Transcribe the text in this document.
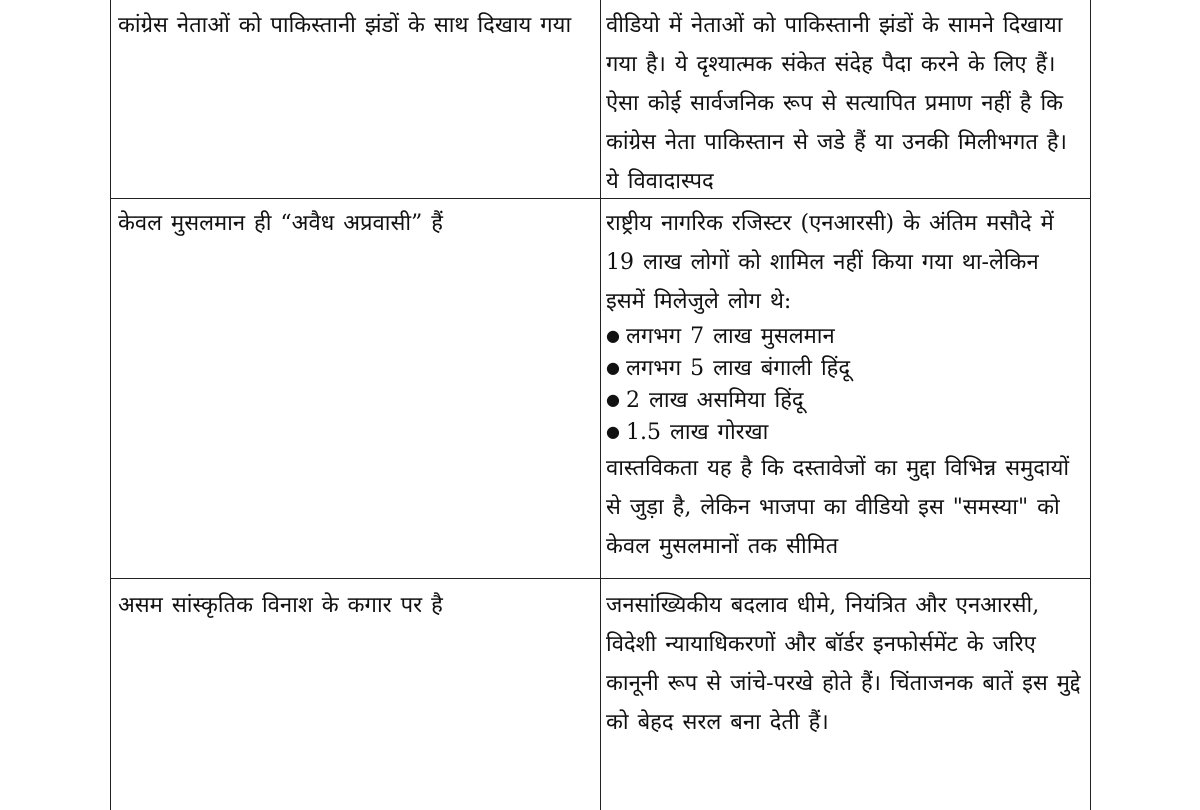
कांग्रेस नेताओं को पाकिस्तानी झंडों के साथ दिखाय गया	वीडियो में नेताओं को पाकिस्तानी झंडों के सामने दिखाया गया है। ये दृश्यात्मक संकेत संदेह पैदा करने के लिए हैं। ऐसा कोई सार्वजनिक रूप से सत्यापित प्रमाण नहीं है कि कांग्रेस नेता पाकिस्तान से जडे हैं या उनकी मिलीभगत है। ये विवादास्पद

केवल मुसलमान ही “अवैध अप्रवासी” हैं	राष्ट्रीय नागरिक रजिस्टर (एनआरसी) के अंतिम मसौदे में 19 लाख लोगों को शामिल नहीं किया गया था-लेकिन इसमें मिलेजुले लोग थे:

● लगभग 7 लाख मुसलमान
● लगभग 5 लाख बंगाली हिंदू
● 2 लाख असमिया हिंदू
● 1.5 लाख गोरखा

वास्तविकता यह है कि दस्तावेजों का मुद्दा विभिन्न समुदायों से जुड़ा है, लेकिन भाजपा का वीडियो इस "समस्या" को केवल मुसलमानों तक सीमित

असम सांस्कृतिक विनाश के कगार पर है	जनसांख्यिकीय बदलाव धीमे, नियंत्रित और एनआरसी, विदेशी न्यायाधिकरणों और बॉर्डर इनफोर्समेंट के जरिए कानूनी रूप से जांचे-परखे होते हैं। चिंताजनक बातें इस मुद्दे को बेहद सरल बना देती हैं।
